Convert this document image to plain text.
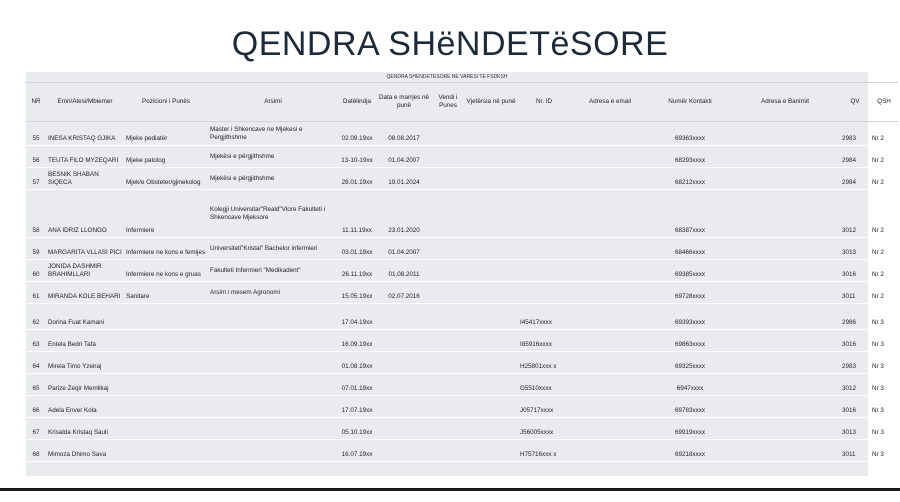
QENDRA SHëNDETëSORE
QENDRA SHENDETESORE NE VARESI TE FSDKSH
NR	Emri/Atesi/Mbiemer	Pozicioni i Punës	Arsimi	Datëlindja	Data e marrjes në punë	Vendi i Punes	Vjetërsia në punë	Nr. ID	Adresa e email	Numër Kontakti	Adresa e Banimit	QV	QSH
55	INESA KRISTAQ GJIKA	Mjeke pediatër	Master i Shkencave ne Mjekesi e Pergjithshme	02.09.19xx	08.08.2017					69363xxxx		2983	Nr 2
56	TEUTA FILO MYZEQARI	Mjeke patolog	Mjekësi e përgjithshme	13-10-19xx	01.04.2007					68293xxxx		2984	Nr 2
57	BESNIK SHABAN SIQECA	Mjek/e Obsteter/gjinekolog	Mjekësi e përgjithshme	28.01.19xx	19.01.2024					68212xxxx		2984	Nr 2
58	ANA IDRIZ LLONGO	Infermiere	Kolegji Universitar"Reald"Vlore Fakulteti i Shkencave Mjeksore	11.11.19xx	23.01.2020					68387xxxx		3012	Nr 2
59	MARGARITA VLLASI PICI	Infermiere ne kons e femijes	Universiteti"Kristal" Bachelor infermieri	03.01.19xx	01.04.2007					68466xxxx		3013	Nr 2
60	JONIDA DASHMIR BRAHIMLLARI	Infermiere ne kons e gruas	Fakulteti Infermieri "Medikadent"	26.11.19xx	01.08.2011					69385xxxx		3016	Nr 2
61	MIRANDA KOLE BEHARI	Sanitare	Arsim i mesem Agronomi	15.05.19xx	02.07.2016					69728xxxx		3011	Nr 2
62	Dorina Fuat Kamani			17.04.19xx				I45417xxxx		69393xxxx		2986	Nr 3
63	Entela Bedri Tafa			16.09.19xx				I85916xxxx		69863xxxx		3016	Nr 3
64	Mirela Timo Yzeiraj			01.08.19xx				H25801xxx x		69325xxxx		2983	Nr 3
65	Parize Zeqir Memlikaj			07.01.19xx				G5510xxxx		6947xxxx		3012	Nr 3
66	Adela Enver Kola			17.07.19xx				J05717xxxx		69783xxxx		3016	Nr 3
67	Krisalda Kristaq Sauli			05.10.19xx				J56005xxxx		69919xxxx		3013	Nr 3
68	Mimoza Dhimo Sava			16.07.19xx				H75716xxx x		69218xxxx		3011	Nr 3
